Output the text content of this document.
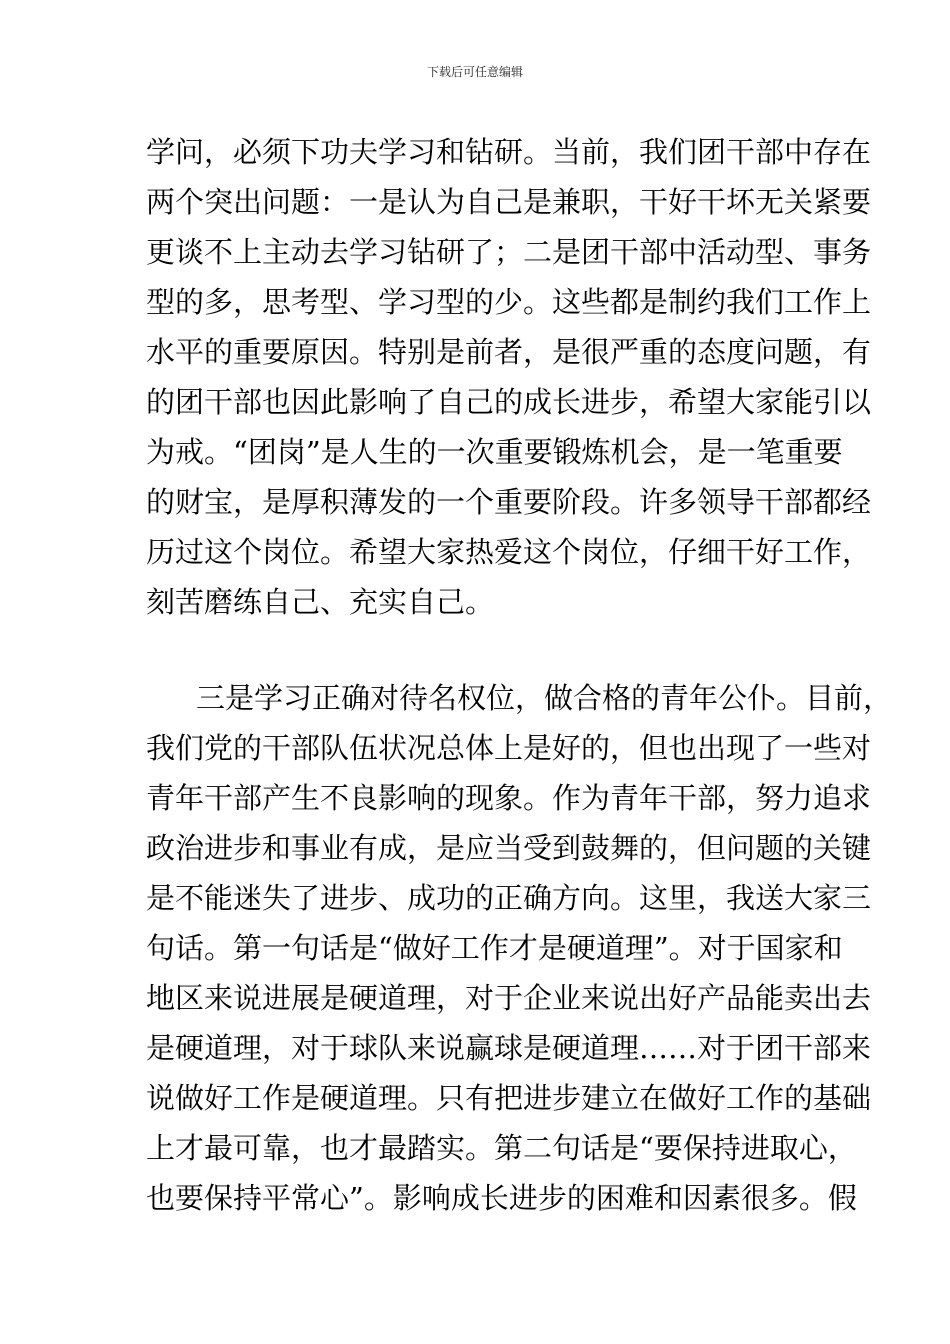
下载后可任意编辑
学问，必须下功夫学习和钻研。当前，我们团干部中存在
两个突出问题：一是认为自己是兼职，干好干坏无关紧要
更谈不上主动去学习钻研了；二是团干部中活动型、事务
型的多，思考型、学习型的少。这些都是制约我们工作上
水平的重要原因。特别是前者，是很严重的态度问题，有
的团干部也因此影响了自己的成长进步，希望大家能引以
为戒。“团岗”是人生的一次重要锻炼机会，是一笔重要
的财宝，是厚积薄发的一个重要阶段。许多领导干部都经
历过这个岗位。希望大家热爱这个岗位，仔细干好工作，
刻苦磨练自己、充实自己。
三是学习正确对待名权位，做合格的青年公仆。目前，
我们党的干部队伍状况总体上是好的，但也出现了一些对
青年干部产生不良影响的现象。作为青年干部，努力追求
政治进步和事业有成，是应当受到鼓舞的，但问题的关键
是不能迷失了进步、成功的正确方向。这里，我送大家三
句话。第一句话是“做好工作才是硬道理”。对于国家和
地区来说进展是硬道理，对于企业来说出好产品能卖出去
是硬道理，对于球队来说赢球是硬道理……对于团干部来
说做好工作是硬道理。只有把进步建立在做好工作的基础
上才最可靠，也才最踏实。第二句话是“要保持进取心，
也要保持平常心”。影响成长进步的困难和因素很多。假
